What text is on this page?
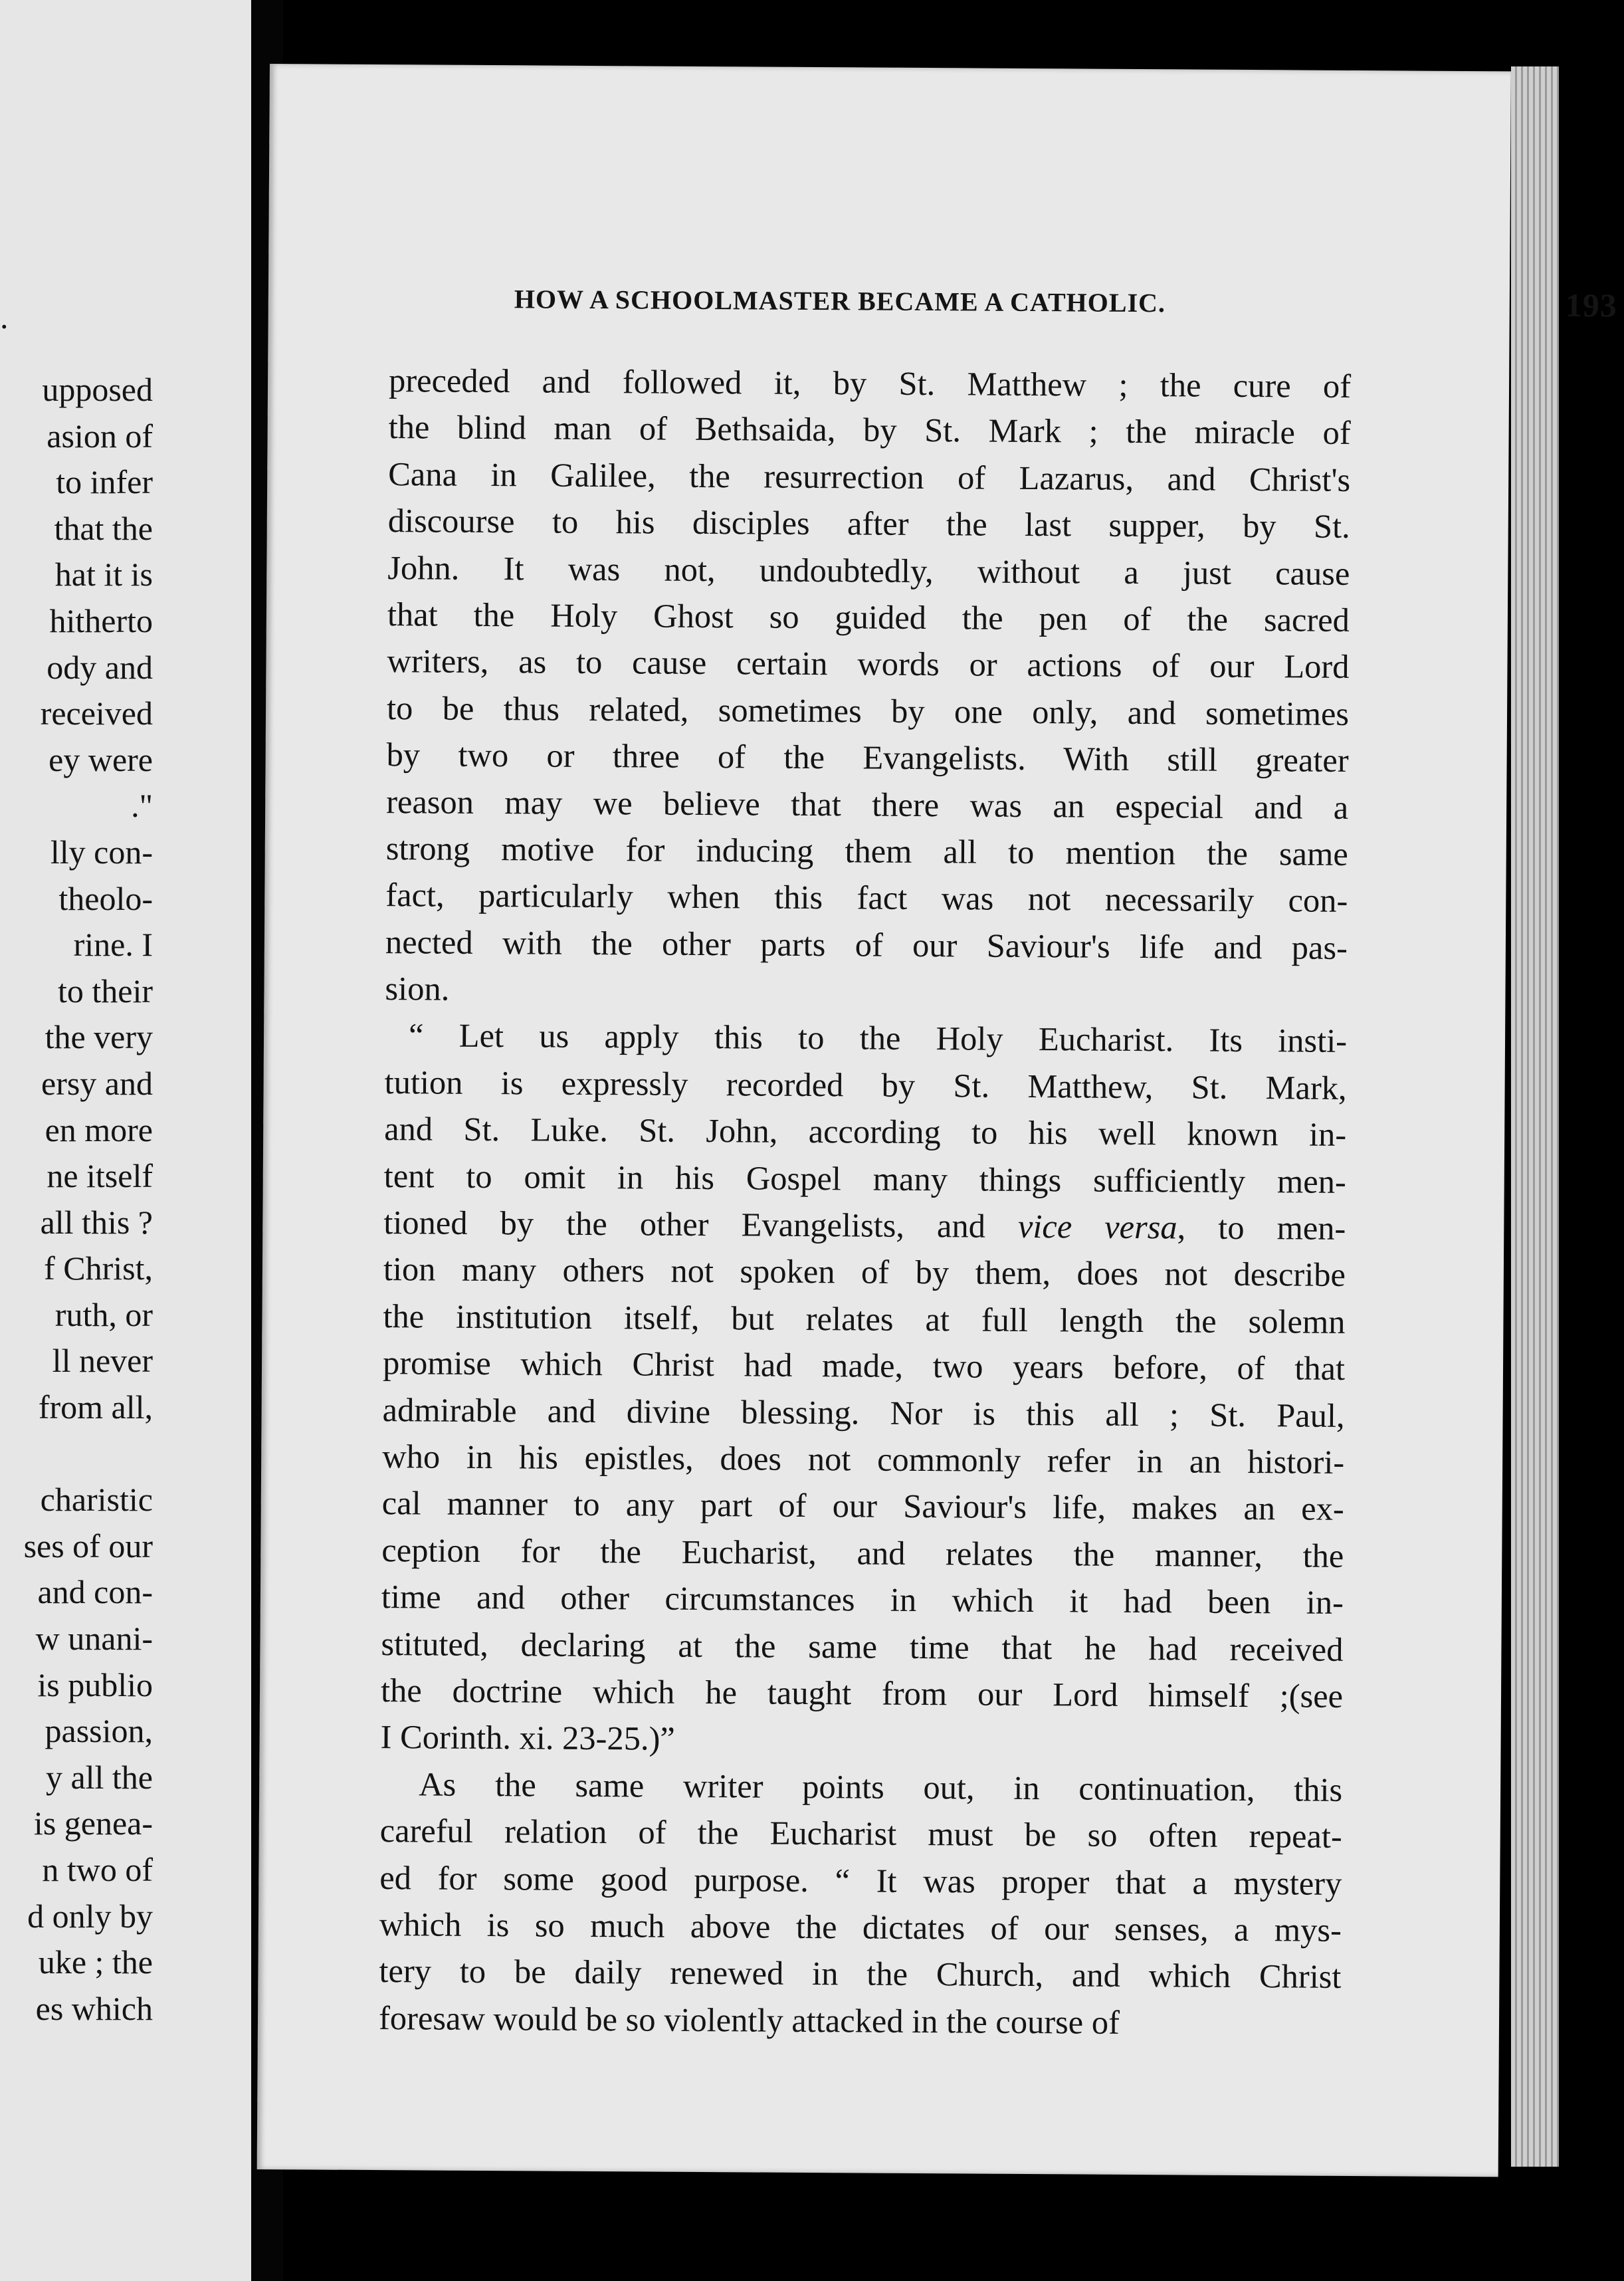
.
upposed
asion of
to infer
that the
hat it is
hitherto
ody and
received
ey were
."
lly con-
theolo-
rine. I
to their
the very
ersy and
en more
ne itself
all this ?
f Christ,
ruth, or
ll never
from all,

charistic
ses of our
and con-
w unani-
is publio
passion,
y all the
is genea-
n two of
d only by
uke ; the
es which
HOW A SCHOOLMASTER BECAME A CATHOLIC.	193
preceded and followed it, by St. Matthew ; the cure of
the blind man of Bethsaida, by St. Mark ; the miracle of
Cana in Galilee, the resurrection of Lazarus, and Christ's
discourse to his disciples after the last supper, by St.
John. It was not, undoubtedly, without a just cause
that the Holy Ghost so guided the pen of the sacred
writers, as to cause certain words or actions of our Lord
to be thus related, sometimes by one only, and sometimes
by two or three of the Evangelists. With still greater
reason may we believe that there was an especial and a
strong motive for inducing them all to mention the same
fact, particularly when this fact was not necessarily con-
nected with the other parts of our Saviour's life and pas-
sion.
“ Let us apply this to the Holy Eucharist. Its insti-
tution is expressly recorded by St. Matthew, St. Mark,
and St. Luke. St. John, according to his well known in-
tent to omit in his Gospel many things sufficiently men-
tioned by the other Evangelists, and vice versa, to men-
tion many others not spoken of by them, does not describe
the institution itself, but relates at full length the solemn
promise which Christ had made, two years before, of that
admirable and divine blessing. Nor is this all ; St. Paul,
who in his epistles, does not commonly refer in an histori-
cal manner to any part of our Saviour's life, makes an ex-
ception for the Eucharist, and relates the manner, the
time and other circumstances in which it had been in-
stituted, declaring at the same time that he had received
the doctrine which he taught from our Lord himself ;(see
I Corinth. xi. 23-25.)”
As the same writer points out, in continuation, this
careful relation of the Eucharist must be so often repeat-
ed for some good purpose. “ It was proper that a mystery
which is so much above the dictates of our senses, a mys-
tery to be daily renewed in the Church, and which Christ
foresaw would be so violently attacked in the course of
